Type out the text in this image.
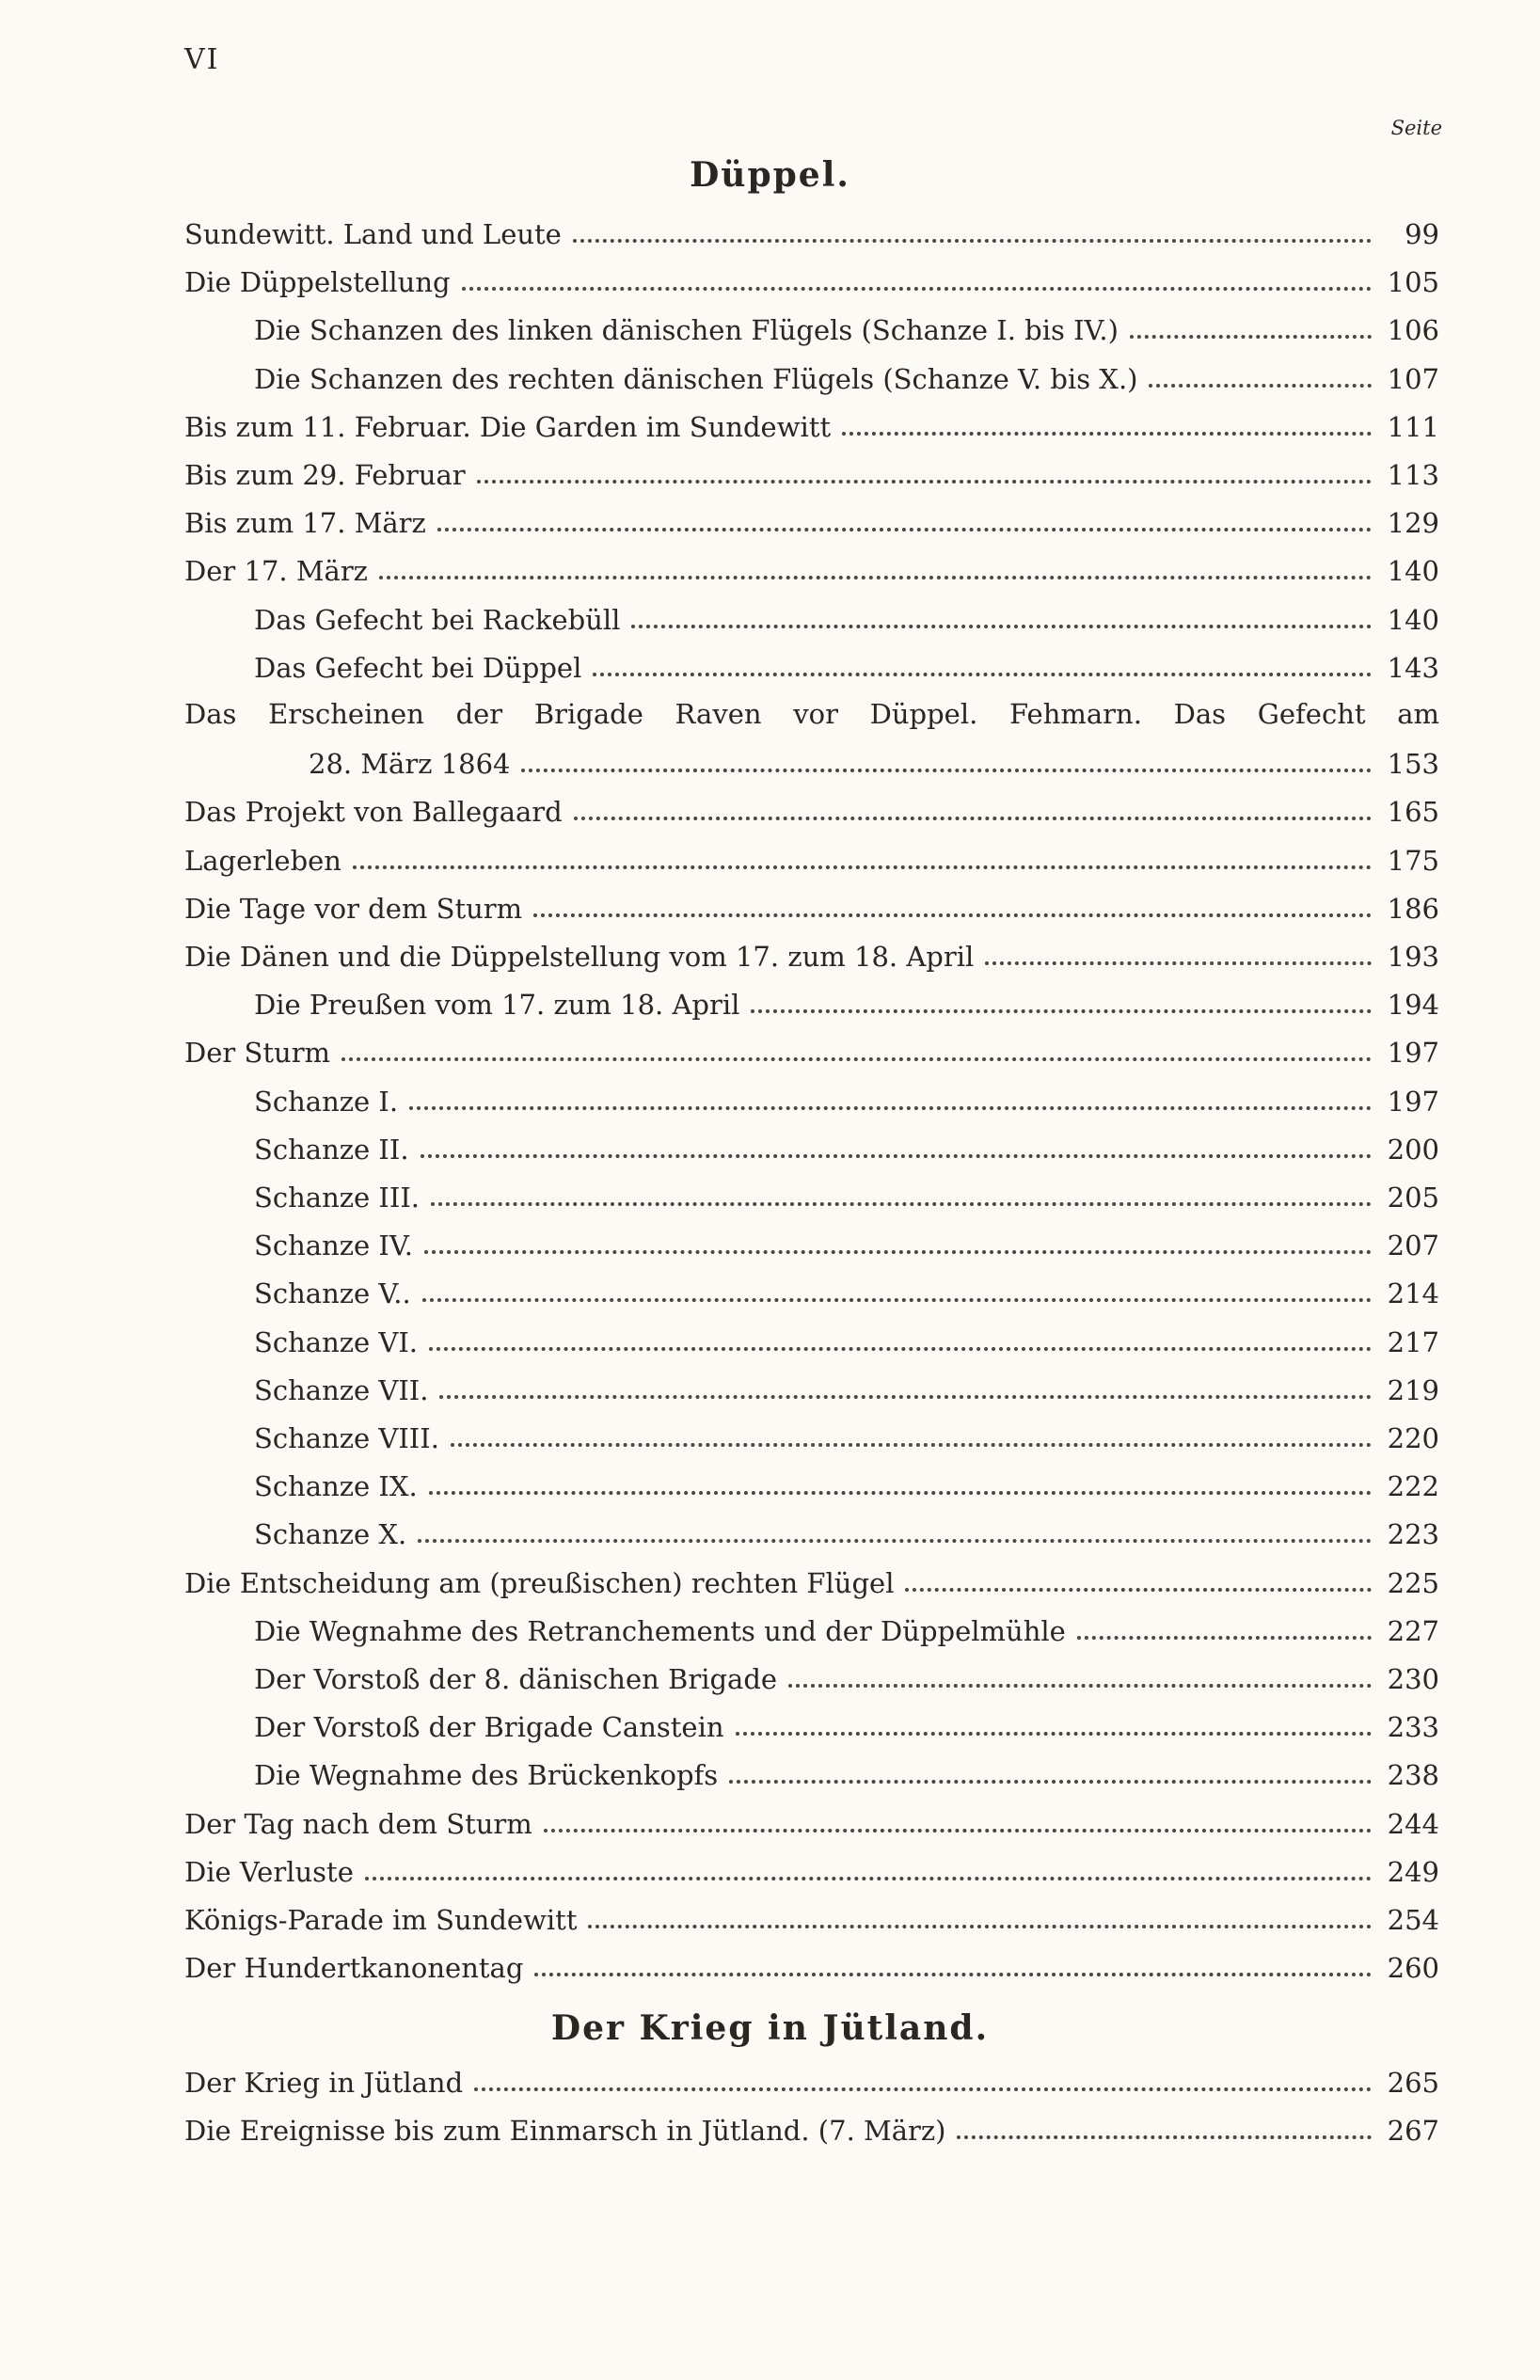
VI
Seite
Sundewitt. Land und Leute	99
Die Düppelstellung	105
Die Schanzen des linken dänischen Flügels (Schanze I. bis IV.)	106
Die Schanzen des rechten dänischen Flügels (Schanze V. bis X.)	107
Bis zum 11. Februar. Die Garden im Sundewitt	111
Bis zum 29. Februar	113
Bis zum 17. März	129
Der 17. März	140
Das Gefecht bei Rackebüll	140
Das Gefecht bei Düppel	143
Das Erscheinen der Brigade Raven vor Düppel. Fehmarn. Das Gefecht am
28. März 1864	153
Das Projekt von Ballegaard	165
Lagerleben	175
Die Tage vor dem Sturm	186
Die Dänen und die Düppelstellung vom 17. zum 18. April	193
Die Preußen vom 17. zum 18. April	194
Der Sturm	197
Schanze I.	197
Schanze II.	200
Schanze III.	205
Schanze IV.	207
Schanze V..	214
Schanze VI.	217
Schanze VII.	219
Schanze VIII.	220
Schanze IX.	222
Schanze X.	223
Die Entscheidung am (preußischen) rechten Flügel	225
Die Wegnahme des Retranchements und der Düppelmühle	227
Der Vorstoß der 8. dänischen Brigade	230
Der Vorstoß der Brigade Canstein	233
Die Wegnahme des Brückenkopfs	238
Der Tag nach dem Sturm	244
Die Verluste	249
Königs-Parade im Sundewitt	254
Der Hundertkanonentag	260
Der Krieg in Jütland	265
Die Ereignisse bis zum Einmarsch in Jütland. (7. März)	267
Düppel.
Der Krieg in Jütland.
